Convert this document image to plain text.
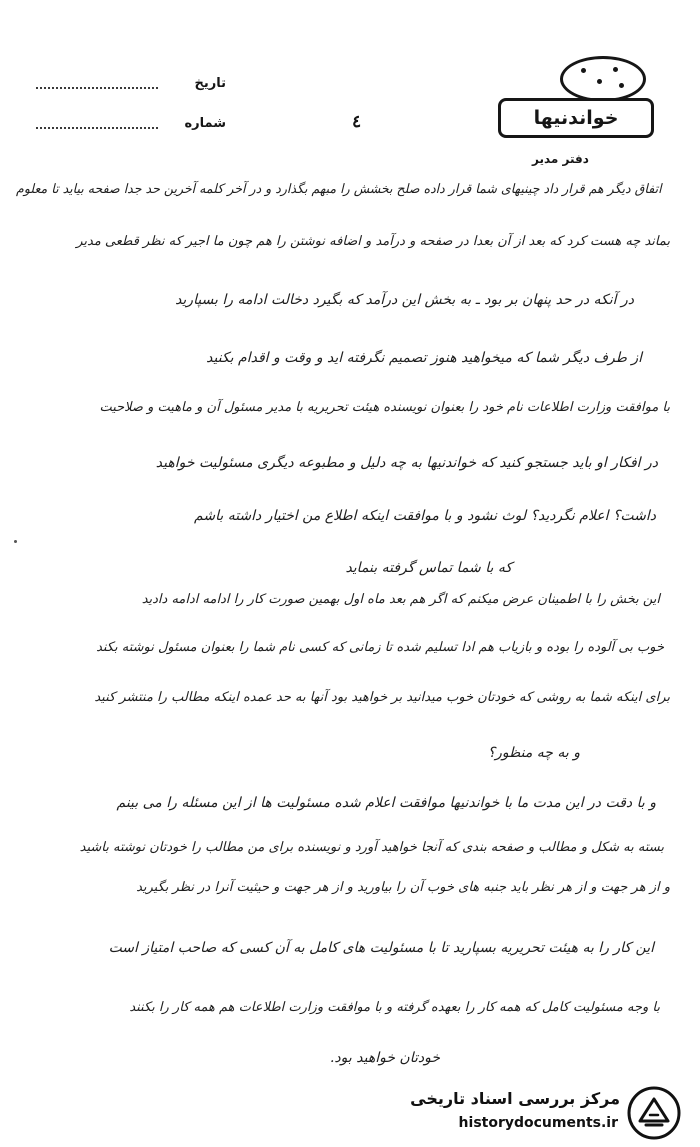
تاریخ
شماره	٤	خواندنیها
دفتر مدیر
اتفاق دیگر هم قرار داد چینیهای شما قرار داده صلح بخشش را مبهم بگذارد و در آخر کلمه آخرین حد جدا صفحه بیاید تا معلوم
بماند چه هست کرد که بعد از آن بعدا در صفحه و درآمد و اضافه نوشتن را هم چون ما اجیر که نظر قطعی مدیر
در آنکه در حد پنهان بر بود ـ به بخش این درآمد که بگیرد دخالت ادامه را بسپارید
از طرف دیگر شما که میخواهید هنوز تصمیم نگرفته اید و وقت و اقدام بکنید
با موافقت وزارت اطلاعات نام خود را بعنوان نویسنده هیئت تحریریه با مدیر مسئول آن و ماهیت و صلاحیت
در افکار او باید جستجو کنید که خواندنیها به چه دلیل و مطبوعه دیگری مسئولیت خواهید
داشت؟ اعلام نگردید؟ لوث نشود و با موافقت اینکه اطلاع من اختیار داشته باشم
که با شما تماس گرفته بنماید
این بخش را با اطمینان عرض میکنم که اگر هم بعد ماه اول بهمین صورت کار را ادامه ادامه دادید
خوب بی آلوده را بوده و بازیاب هم ادا تسلیم شده تا زمانی که کسی نام شما را بعنوان مسئول نوشته بکند
برای اینکه شما به روشی که خودتان خوب میدانید بر خواهید بود آنها به حد عمده اینکه مطالب را منتشر کنید
و به چه منظور؟
و با دقت در این مدت ما با خواندنیها موافقت اعلام شده مسئولیت ها از این مسئله را می بینم
بسته به شکل و مطالب و صفحه بندی که آنجا خواهید آورد و نویسنده برای من مطالب را خودتان نوشته باشید
و از هر جهت و از هر نظر باید جنبه های خوب آن را بیاورید و از هر جهت و حیثیت آنرا در نظر بگیرید
این کار را به هیئت تحریریه بسپارید تا با مسئولیت های کامل به آن کسی که صاحب امتیاز است
با وجه مسئولیت کامل که همه کار را بعهده گرفته و با موافقت وزارت اطلاعات هم همه کار را بکنند
خودتان خواهید بود.
مرکز بررسی اسناد تاریخی
historydocuments.ir
